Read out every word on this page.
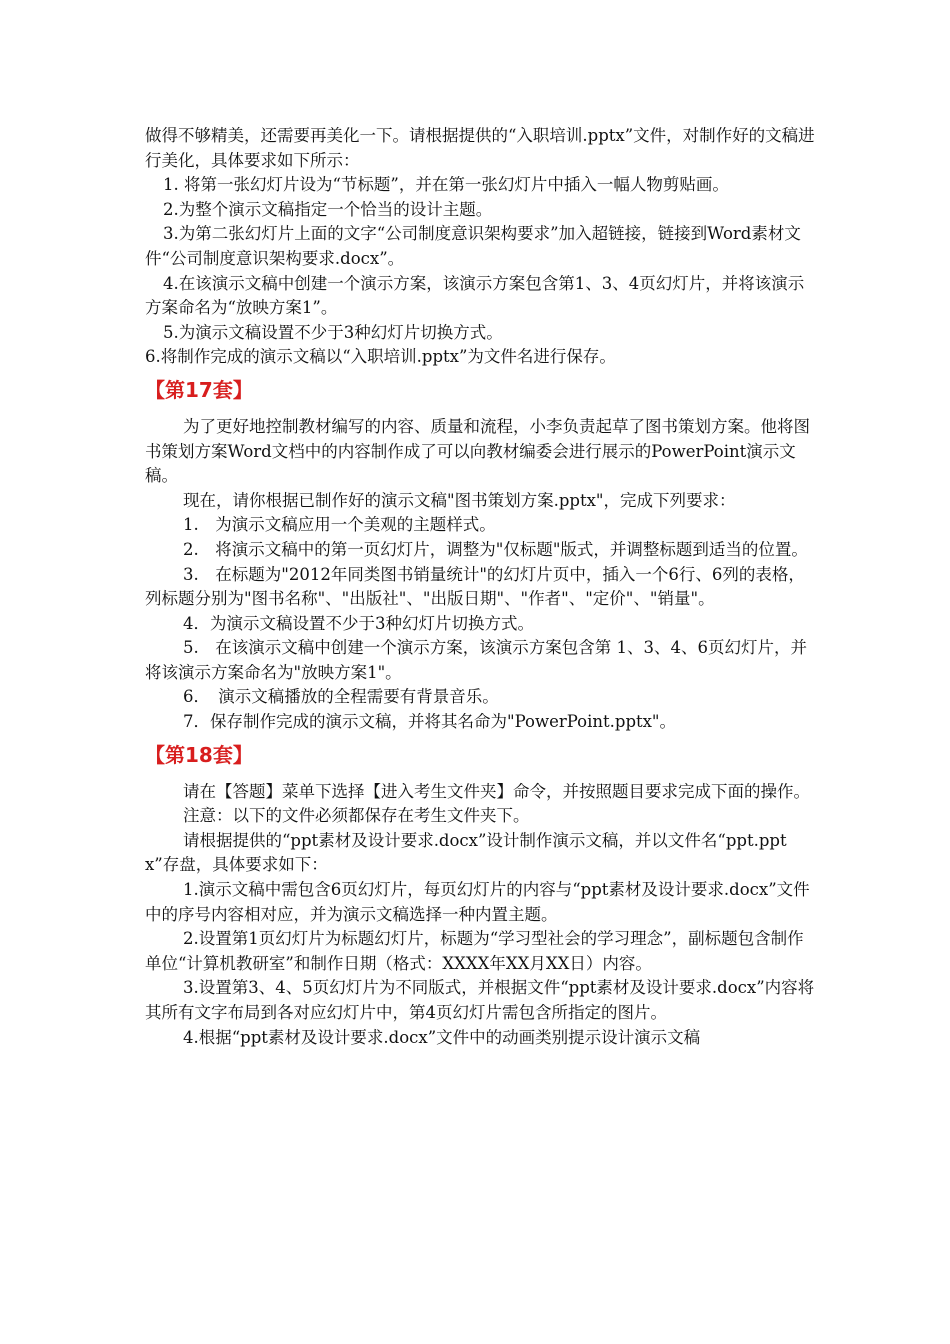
做得不够精美，还需要再美化一下。请根据提供的“入职培训.pptx”文件，对制作好的文稿进行美化，具体要求如下所示：

1. 将第一张幻灯片设为“节标题”，并在第一张幻灯片中插入一幅人物剪贴画。

2.为整个演示文稿指定一个恰当的设计主题。

3.为第二张幻灯片上面的文字“公司制度意识架构要求”加入超链接，链接到Word素材文件“公司制度意识架构要求.docx”。

4.在该演示文稿中创建一个演示方案，该演示方案包含第1、3、4页幻灯片，并将该演示方案命名为“放映方案1”。

5.为演示文稿设置不少于3种幻灯片切换方式。

6.将制作完成的演示文稿以“入职培训.pptx”为文件名进行保存。

【第17套】

为了更好地控制教材编写的内容、质量和流程，小李负责起草了图书策划方案。他将图书策划方案Word文档中的内容制作成了可以向教材编委会进行展示的PowerPoint演示文稿。

现在，请你根据已制作好的演示文稿"图书策划方案.pptx"，完成下列要求：

1.　为演示文稿应用一个美观的主题样式。

2.　将演示文稿中的第一页幻灯片，调整为"仅标题"版式，并调整标题到适当的位置。

3.　在标题为"2012年同类图书销量统计"的幻灯片页中，插入一个6行、6列的表格，列标题分别为"图书名称"、"出版社"、"出版日期"、"作者"、"定价"、"销量"。

4．为演示文稿设置不少于3种幻灯片切换方式。

5.　在该演示文稿中创建一个演示方案，该演示方案包含第 1、3、4、6页幻灯片，并将该演示方案命名为"放映方案1"。

6．　演示文稿播放的全程需要有背景音乐。

7．保存制作完成的演示文稿，并将其名命为"PowerPoint.pptx"。

【第18套】

请在【答题】菜单下选择【进入考生文件夹】命令，并按照题目要求完成下面的操作。

注意：以下的文件必须都保存在考生文件夹下。

请根据提供的“ppt素材及设计要求.docx”设计制作演示文稿，并以文件名“ppt.pptx”存盘，具体要求如下：

1.演示文稿中需包含6页幻灯片，每页幻灯片的内容与“ppt素材及设计要求.docx”文件中的序号内容相对应，并为演示文稿选择一种内置主题。

2.设置第1页幻灯片为标题幻灯片，标题为“学习型社会的学习理念”，副标题包含制作单位“计算机教研室”和制作日期（格式：XXXX年XX月XX日）内容。

3.设置第3、4、5页幻灯片为不同版式，并根据文件“ppt素材及设计要求.docx”内容将其所有文字布局到各对应幻灯片中，第4页幻灯片需包含所指定的图片。

4.根据“ppt素材及设计要求.docx”文件中的动画类别提示设计演示文稿
